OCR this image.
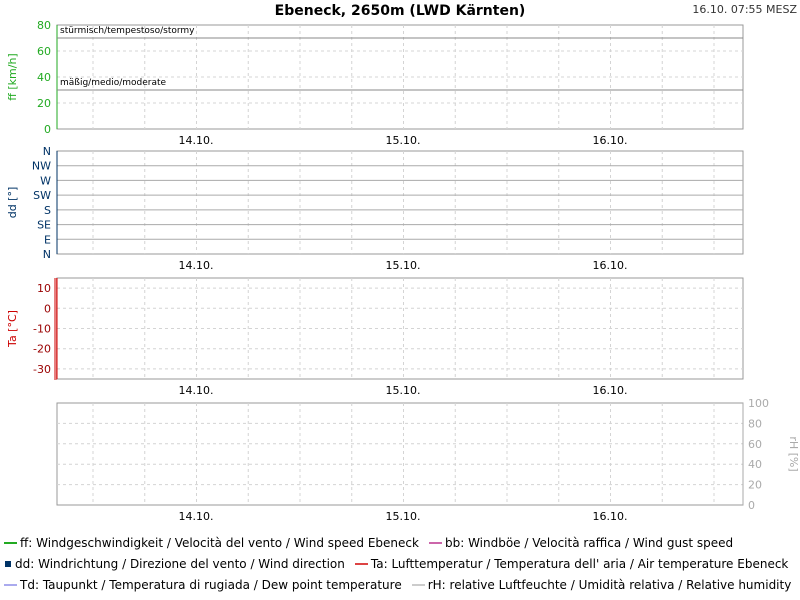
Ebeneck, 2650m (LWD Kärnten)	16.10. 07:55 MESZ
0
20
40
60
80 stürmisch/tempestoso/stormy
mäßig/medio/moderate
14.10.	15.10.	16.10.
ff [km/h]
N
E
SE
S
SW
W
NW
N
14.10.	15.10.	16.10.
dd [°]
-30
-20
-10
0
10
14.10.	15.10.	16.10.
Ta [°C]
0
20
40
60
80
100
14.10.	15.10.	16.10.
rH [%]
ff:
Windgeschwindigkeit / Velocità del vento / Wind speed Ebeneck bb:
Windböe / Velocità raffica / Wind gust speed
dd:
Windrichtung / Direzione del vento / Wind direction Ta:
Lufttemperatur / Temperatura dell' aria / Air temperature Ebeneck
Td:
Taupunkt / Temperatura di rugiada / Dew point temperature rH:
relative Luftfeuchte / Umidità relativa / Relative humidity
